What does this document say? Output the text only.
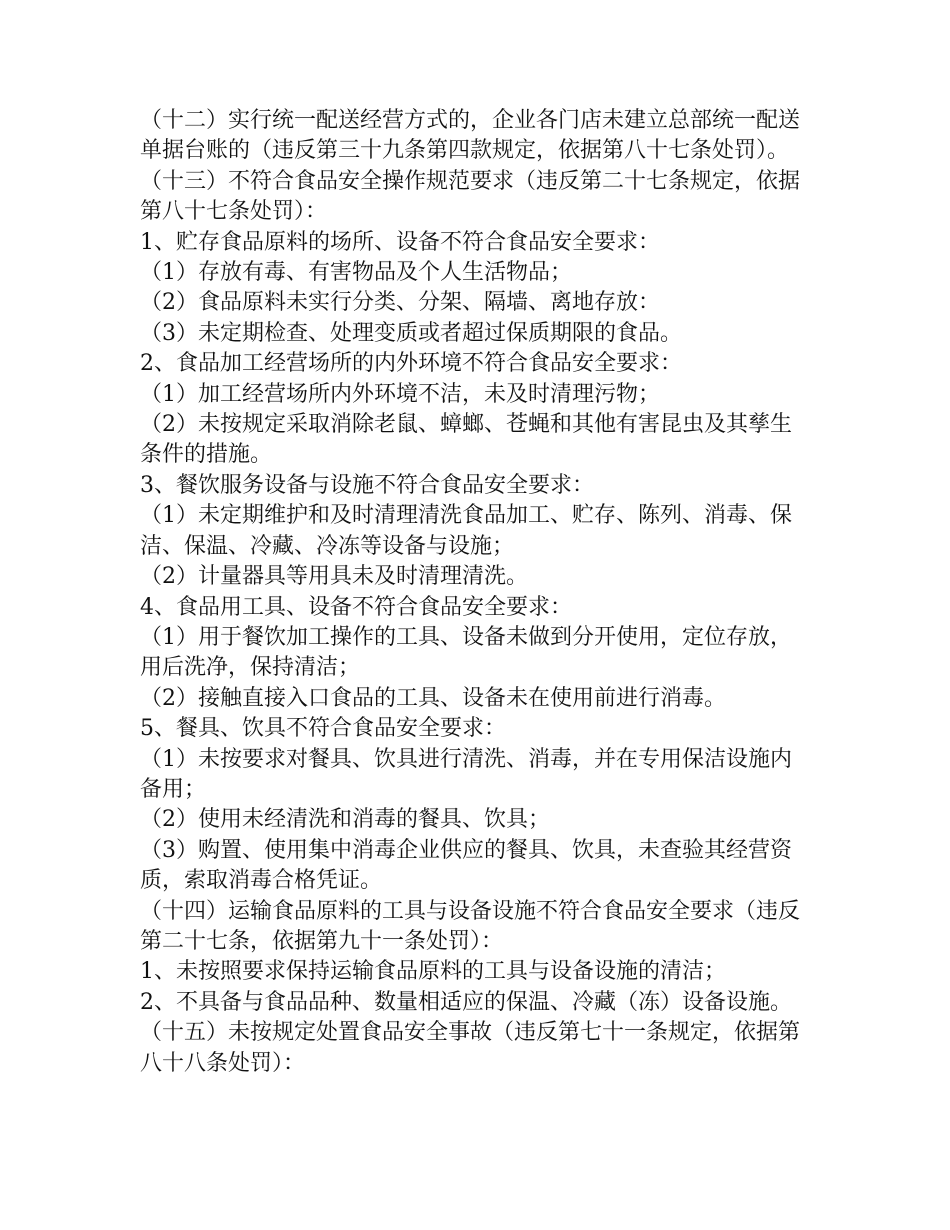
（十二）实行统一配送经营方式的，企业各门店未建立总部统一配送单据台账的（违反第三十九条第四款规定，依据第八十七条处罚）。

（十三）不符合食品安全操作规范要求（违反第二十七条规定，依据第八十七条处罚）：

1、贮存食品原料的场所、设备不符合食品安全要求：

（1）存放有毒、有害物品及个人生活物品；

（2）食品原料未实行分类、分架、隔墙、离地存放：

（3）未定期检查、处理变质或者超过保质期限的食品。

2、食品加工经营场所的内外环境不符合食品安全要求：

（1）加工经营场所内外环境不洁，未及时清理污物；

（2）未按规定采取消除老鼠、蟑螂、苍蝇和其他有害昆虫及其孳生条件的措施。

3、餐饮服务设备与设施不符合食品安全要求：

（1）未定期维护和及时清理清洗食品加工、贮存、陈列、消毒、保洁、保温、冷藏、冷冻等设备与设施；

（2）计量器具等用具未及时清理清洗。

4、食品用工具、设备不符合食品安全要求：

（1）用于餐饮加工操作的工具、设备未做到分开使用，定位存放，用后洗净，保持清洁；

（2）接触直接入口食品的工具、设备未在使用前进行消毒。

5、餐具、饮具不符合食品安全要求：

（1）未按要求对餐具、饮具进行清洗、消毒，并在专用保洁设施内备用；

（2）使用未经清洗和消毒的餐具、饮具；

（3）购置、使用集中消毒企业供应的餐具、饮具，未查验其经营资质，索取消毒合格凭证。

（十四）运输食品原料的工具与设备设施不符合食品安全要求（违反第二十七条，依据第九十一条处罚）：

1、未按照要求保持运输食品原料的工具与设备设施的清洁；

2、不具备与食品品种、数量相适应的保温、冷藏（冻）设备设施。

（十五）未按规定处置食品安全事故（违反第七十一条规定，依据第八十八条处罚）：
